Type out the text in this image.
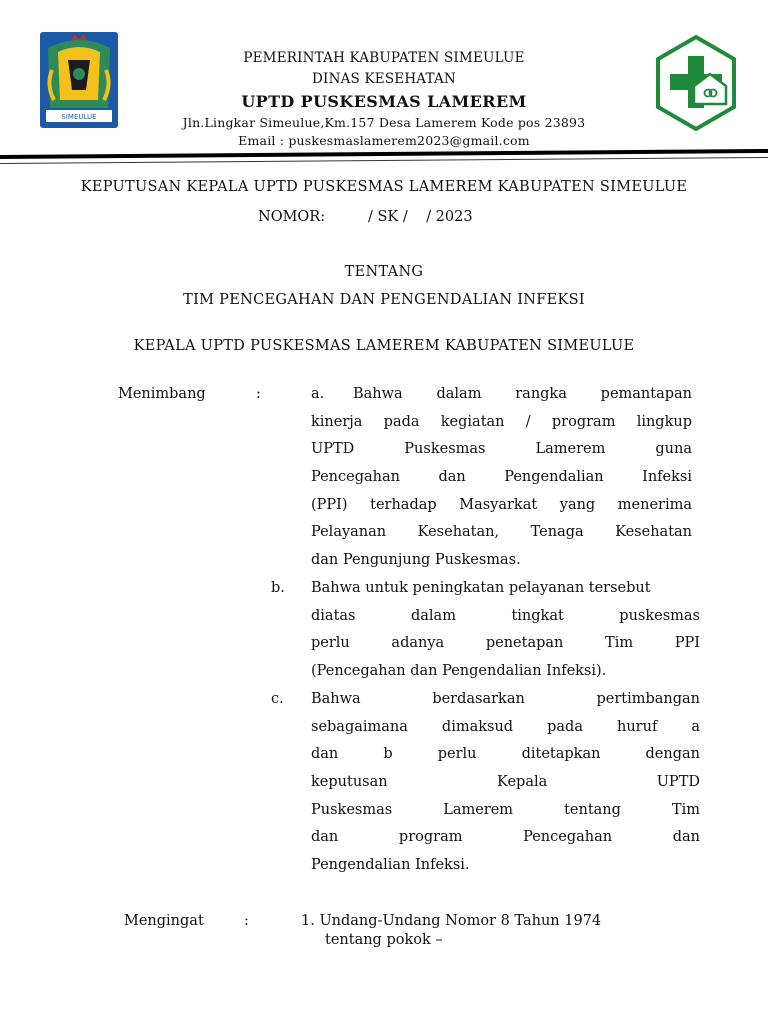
SIMEULUE
PEMERINTAH KABUPATEN SIMEULUE
DINAS KESEHATAN
UPTD PUSKESMAS LAMEREM
Jln.Lingkar Simeulue,Km.157 Desa Lamerem Kode pos 23893
Email : puskesmaslamerem2023@gmail.com
KEPUTUSAN KEPALA UPTD PUSKESMAS LAMEREM KABUPATEN SIMEULUE
NOMOR:	/ SK /    / 2023
TENTANG
TIM PENCEGAHAN DAN PENGENDALIAN INFEKSI
KEPALA UPTD PUSKESMAS LAMEREM KABUPATEN SIMEULUE
Menimbang	:	a.	Bahwa dalam rangka pemantapan
kinerja pada kegiatan / program lingkup
UPTD Puskesmas Lamerem guna
Pencegahan dan Pengendalian Infeksi
(PPI) terhadap Masyarkat yang menerima
Pelayanan Kesehatan, Tenaga Kesehatan
dan Pengunjung Puskesmas.
b. Bahwa untuk peningkatan pelayanan tersebut
diatas dalam tingkat puskesmas
perlu adanya penetapan Tim PPI
(Pencegahan dan Pengendalian Infeksi).
c. Bahwa berdasarkan pertimbangan
sebagaimana dimaksud pada huruf a
dan b perlu ditetapkan dengan
keputusan Kepala UPTD
Puskesmas Lamerem tentang Tim
dan program Pencegahan dan
Pengendalian Infeksi.
Mengingat	:	1. Undang-Undang Nomor 8 Tahun 1974
tentang pokok –
